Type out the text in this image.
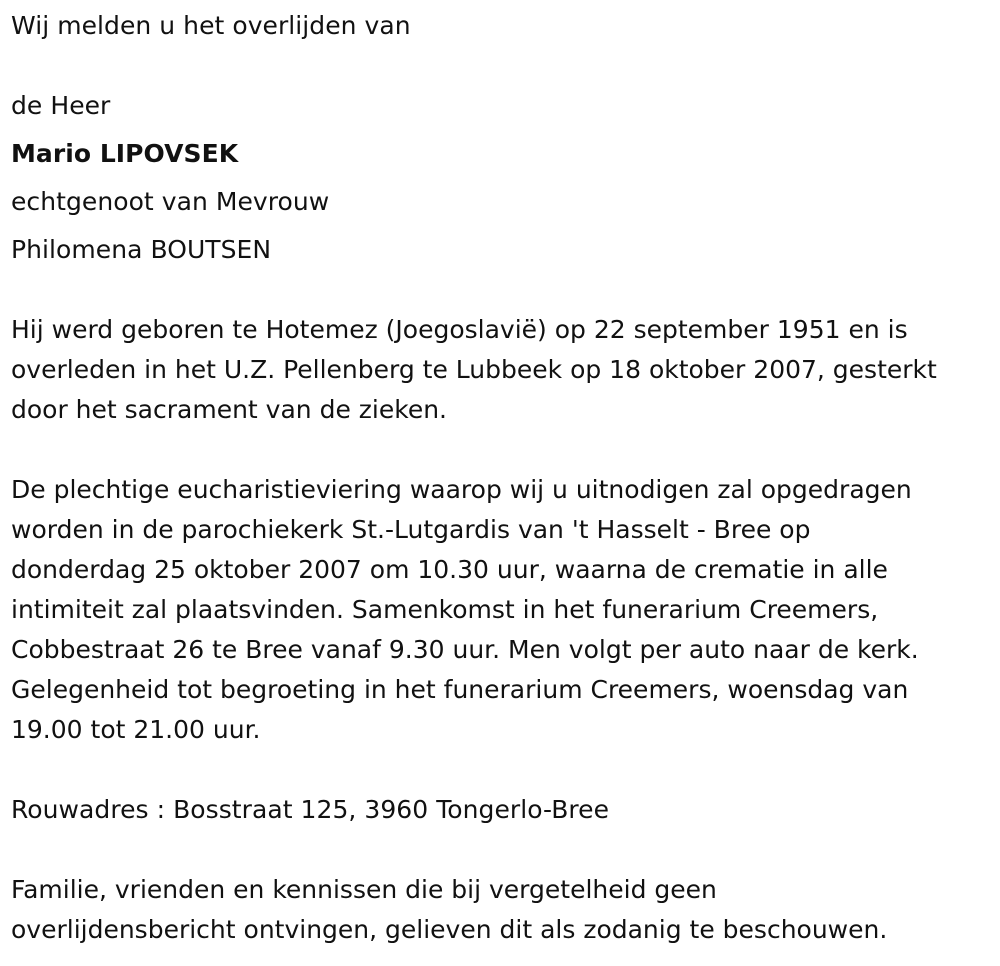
Wij melden u het overlijden van
de Heer
Mario LIPOVSEK
echtgenoot van Mevrouw
Philomena BOUTSEN
Hij werd geboren te Hotemez (Joegoslavië) op 22 september 1951 en is
overleden in het U.Z. Pellenberg te Lubbeek op 18 oktober 2007, gesterkt
door het sacrament van de zieken.
De plechtige eucharistieviering waarop wij u uitnodigen zal opgedragen
worden in de parochiekerk St.-Lutgardis van 't Hasselt - Bree op
donderdag 25 oktober 2007 om 10.30 uur, waarna de crematie in alle
intimiteit zal plaatsvinden. Samenkomst in het funerarium Creemers,
Cobbestraat 26 te Bree vanaf 9.30 uur. Men volgt per auto naar de kerk.
Gelegenheid tot begroeting in het funerarium Creemers, woensdag van
19.00 tot 21.00 uur.
Rouwadres : Bosstraat 125, 3960 Tongerlo-Bree
Familie, vrienden en kennissen die bij vergetelheid geen
overlijdensbericht ontvingen, gelieven dit als zodanig te beschouwen.
